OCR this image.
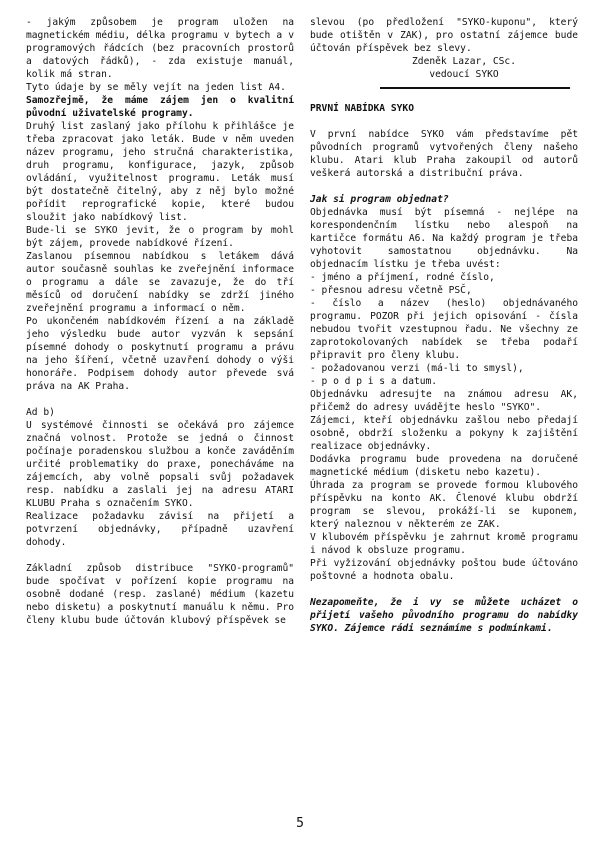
- jakým způsobem je program uložen na magnetickém médiu, délka programu v bytech a v programových řádcích (bez pracovních prostorů a datových řádků), - zda existuje manuál, kolik má stran.

Tyto údaje by se měly vejít na jeden list A4.

Samozřejmě, že máme zájem jen o kvalitní původní uživatelské programy.

Druhý list zaslaný jako přílohu k přihlášce je třeba zpracovat jako leták. Bude v něm uveden název programu, jeho stručná charakteristika, druh programu, konfigurace, jazyk, způsob ovládání, využitelnost programu. Leták musí být dostatečně čitelný, aby z něj bylo možné pořídit reprografické kopie, které budou sloužit jako nabídkový list.

Bude-li se SYKO jevit, že o program by mohl být zájem, provede nabídkové řízení.

Zaslanou písemnou nabídkou s letákem dává autor současně souhlas ke zveřejnění informace o programu a dále se zavazuje, že do tří měsíců od doručení nabídky se zdrží jiného zveřejnění programu a informací o něm.

Po ukončeném nabídkovém řízení a na základě jeho výsledku bude autor vyzván k sepsání písemné dohody o poskytnutí programu a právu na jeho šíření, včetně uzavření dohody o výši honoráře. Podpisem dohody autor převede svá práva na AK Praha.

Ad b)

U systémové činnosti se očekává pro zájemce značná volnost. Protože se jedná o činnost počínaje poradenskou službou a konče zaváděním určité problematiky do praxe, ponecháváme na zájemcích, aby volně popsali svůj požadavek resp. nabídku a zaslali jej na adresu ATARI KLUBU Praha s označením SYKO.

Realizace požadavku závisí na přijetí a potvrzení objednávky, případně uzavření dohody.

Základní způsob distribuce "SYKO-programů" bude spočívat v pořízení kopie programu na osobně dodané (resp. zaslané) médium (kazetu nebo disketu) a poskytnutí manuálu k němu. Pro členy klubu bude účtován klubový příspěvek se

slevou (po předložení "SYKO-kuponu", který bude otištěn v ZAK), pro ostatní zájemce bude účtován příspěvek bez slevy.

Zdeněk Lazar, CSc.

vedoucí SYKO

PRVNÍ NABÍDKA SYKO

V první nabídce SYKO vám představíme pět původních programů vytvořených členy našeho klubu. Atari klub Praha zakoupil od autorů veškerá autorská a distribuční práva.

Jak si program objednat?

Objednávka musí být písemná - nejlépe na korespondenčním lístku nebo alespoň na kartičce formátu A6. Na každý program je třeba vyhotovit samostatnou objednávku. Na objednacím lístku je třeba uvést:

- jméno a příjmení, rodné číslo,

- přesnou adresu včetně PSČ,

- číslo a název (heslo) objednávaného programu. POZOR při jejich opisování - čísla nebudou tvořit vzestupnou řadu. Ne všechny ze zaprotokolovaných nabídek se třeba podaří připravit pro členy klubu.

- požadovanou verzi (má-li to smysl),

- p o d p i s a datum.

Objednávku adresujte na známou adresu AK, přičemž do adresy uvádějte heslo "SYKO".

Zájemci, kteří objednávku zašlou nebo předají osobně, obdrží složenku a pokyny k zajištění realizace objednávky.

Dodávka programu bude provedena na doručené magnetické médium (disketu nebo kazetu).

Úhrada za program se provede formou klubového příspěvku na konto AK. Členové klubu obdrží program se slevou, prokáží-li se kuponem, který naleznou v některém ze ZAK.

V klubovém příspěvku je zahrnut kromě programu i návod k obsluze programu.

Při vyžizování objednávky poštou bude účtováno poštovné a hodnota obalu.

Nezapomeňte, že i vy se můžete ucházet o přijetí vašeho původního programu do nabídky SYKO. Zájemce rádi seznámíme s podmínkami.

5
